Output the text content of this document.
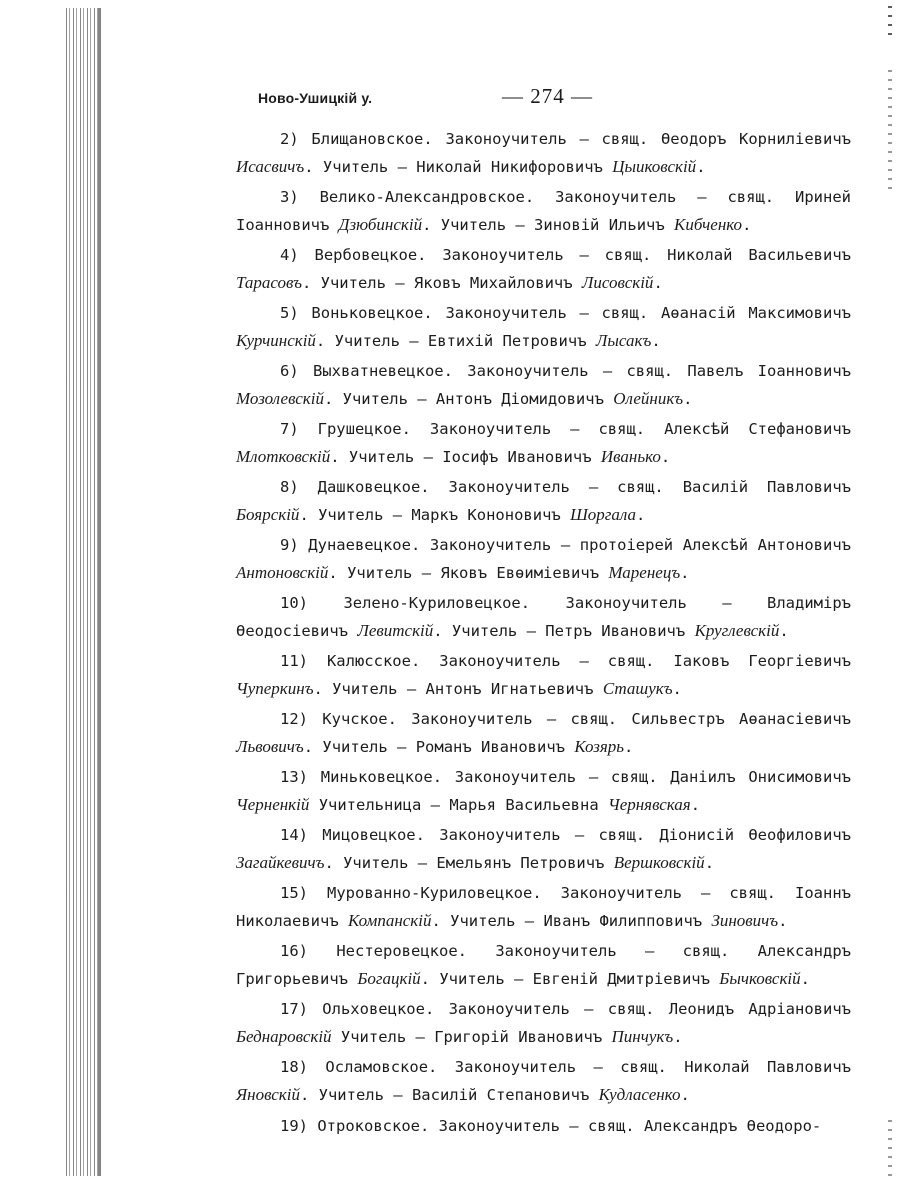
Ново-Ушицкій у.	— 274 —
2) Блищановское. Законоучитель — свящ. Өеодоръ Корниліевичъ Исасвичъ. Учитель — Николай Никифоровичъ Цыиковскій.
3) Велико-Александровское. Законоучитель — свящ. Ириней Іоанновичъ Дзюбинскій. Учитель — Зиновій Ильичъ Кибченко.
4) Вербовецкое. Законоучитель — свящ. Николай Васильевичъ Тарасовъ. Учитель — Яковъ Михайловичъ Лисовскій.
5) Воньковецкое. Законоучитель — свящ. Аөанасій Максимовичъ Курчинскій. Учитель — Евтихій Петровичъ Лысакъ.
6) Выхватневецкое. Законоучитель — свящ. Павелъ Іоанновичъ Мозолевскій. Учитель — Антонъ Діомидовичъ Олейникъ.
7) Грушецкое. Законоучитель — свящ. Алексѣй Стефановичъ Млотковскій. Учитель — Іосифъ Ивановичъ Иванько.
8) Дашковецкое. Законоучитель — свящ. Василій Павловичъ Боярскій. Учитель — Маркъ Кононовичъ Шоргала.
9) Дунаевецкое. Законоучитель — протоіерей Алексѣй Антоновичъ Антоновскій. Учитель — Яковъ Евөиміевичъ Маренецъ.
10) Зелено-Куриловецкое. Законоучитель — Владиміръ Өеодосіевичъ Левитскій. Учитель — Петръ Ивановичъ Круглевскій.
11) Калюсское. Законоучитель — свящ. Іаковъ Георгіевичъ Чуперкинъ. Учитель — Антонъ Игнатьевичъ Сташукъ.
12) Кучское. Законоучитель — свящ. Сильвестръ Аөанасіевичъ Львовичъ. Учитель — Романъ Ивановичъ Козярь.
13) Миньковецкое. Законоучитель — свящ. Даніилъ Онисимовичъ Черненкій Учительница — Марья Васильевна Чернявская.
14) Мицовецкое. Законоучитель — свящ. Діонисій Өеофиловичъ Загайкевичъ. Учитель — Емельянъ Петровичъ Вершковскій.
15) Мурованно-Куриловецкое. Законоучитель — свящ. Іоаннъ Николаевичъ Компанскій. Учитель — Иванъ Филипповичъ Зиновичъ.
16) Нестеровецкое. Законоучитель — свящ. Александръ Григорьевичъ Богацкій. Учитель — Евгеній Дмитріевичъ Бычковскій.
17) Ольховецкое. Законоучитель — свящ. Леонидъ Адріановичъ Беднаровскій Учитель — Григорій Ивановичъ Пинчукъ.
18) Осламовское. Законоучитель — свящ. Николай Павловичъ Яновскій. Учитель — Василій Степановичъ Кудласенко.
19) Отроковское. Законоучитель — свящ. Александръ Өеодоро-
